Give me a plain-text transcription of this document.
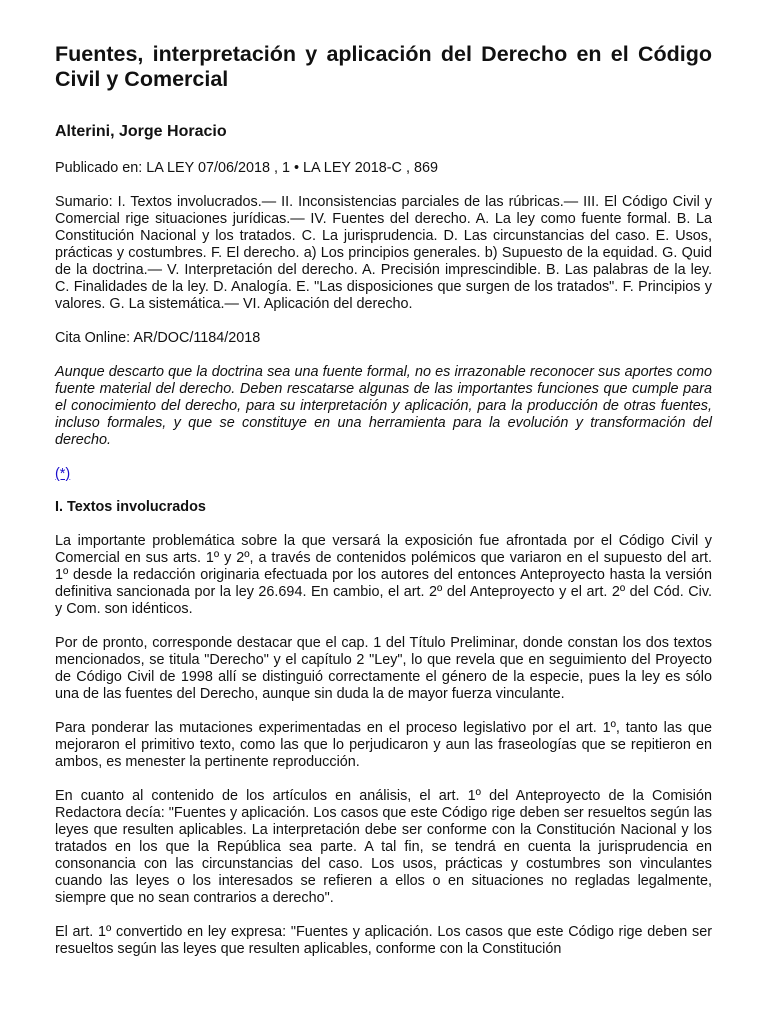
Fuentes, interpretación y aplicación del Derecho en el Código Civil y Comercial
Alterini, Jorge Horacio

Publicado en: LA LEY 07/06/2018 , 1 • LA LEY 2018-C , 869

Sumario: I. Textos involucrados.— II. Inconsistencias parciales de las rúbricas.— III. El Código Civil y Comercial rige situaciones jurídicas.— IV. Fuentes del derecho. A. La ley como fuente formal. B. La Constitución Nacional y los tratados. C. La jurisprudencia. D. Las circunstancias del caso. E. Usos, prácticas y costumbres. F. El derecho. a) Los principios generales. b) Supuesto de la equidad. G. Quid de la doctrina.— V. Interpretación del derecho. A. Precisión imprescindible. B. Las palabras de la ley. C. Finalidades de la ley. D. Analogía. E. "Las disposiciones que surgen de los tratados". F. Principios y valores. G. La sistemática.— VI. Aplicación del derecho.

Cita Online: AR/DOC/1184/2018

Aunque descarto que la doctrina sea una fuente formal, no es irrazonable reconocer sus aportes como fuente material del derecho. Deben rescatarse algunas de las importantes funciones que cumple para el conocimiento del derecho, para su interpretación y aplicación, para la producción de otras fuentes, incluso formales, y que se constituye en una herramienta para la evolución y transformación del derecho.

(*)

I. Textos involucrados

La importante problemática sobre la que versará la exposición fue afrontada por el Código Civil y Comercial en sus arts. 1º y 2º, a través de contenidos polémicos que variaron en el supuesto del art. 1º desde la redacción originaria efectuada por los autores del entonces Anteproyecto hasta la versión definitiva sancionada por la ley 26.694. En cambio, el art. 2º del Anteproyecto y el art. 2º del Cód. Civ. y Com. son idénticos.

Por de pronto, corresponde destacar que el cap. 1 del Título Preliminar, donde constan los dos textos mencionados, se titula "Derecho" y el capítulo 2 "Ley", lo que revela que en seguimiento del Proyecto de Código Civil de 1998 allí se distinguió correctamente el género de la especie, pues la ley es sólo una de las fuentes del Derecho, aunque sin duda la de mayor fuerza vinculante.

Para ponderar las mutaciones experimentadas en el proceso legislativo por el art. 1º, tanto las que mejoraron el primitivo texto, como las que lo perjudicaron y aun las fraseologías que se repitieron en ambos, es menester la pertinente reproducción.

En cuanto al contenido de los artículos en análisis, el art. 1º del Anteproyecto de la Comisión Redactora decía: "Fuentes y aplicación. Los casos que este Código rige deben ser resueltos según las leyes que resulten aplicables. La interpretación debe ser conforme con la Constitución Nacional y los tratados en los que la República sea parte. A tal fin, se tendrá en cuenta la jurisprudencia en consonancia con las circunstancias del caso. Los usos, prácticas y costumbres son vinculantes cuando las leyes o los interesados se refieren a ellos o en situaciones no regladas legalmente, siempre que no sean contrarios a derecho".

El art. 1º convertido en ley expresa: "Fuentes y aplicación. Los casos que este Código rige deben ser resueltos según las leyes que resulten aplicables, conforme con la Constitución
